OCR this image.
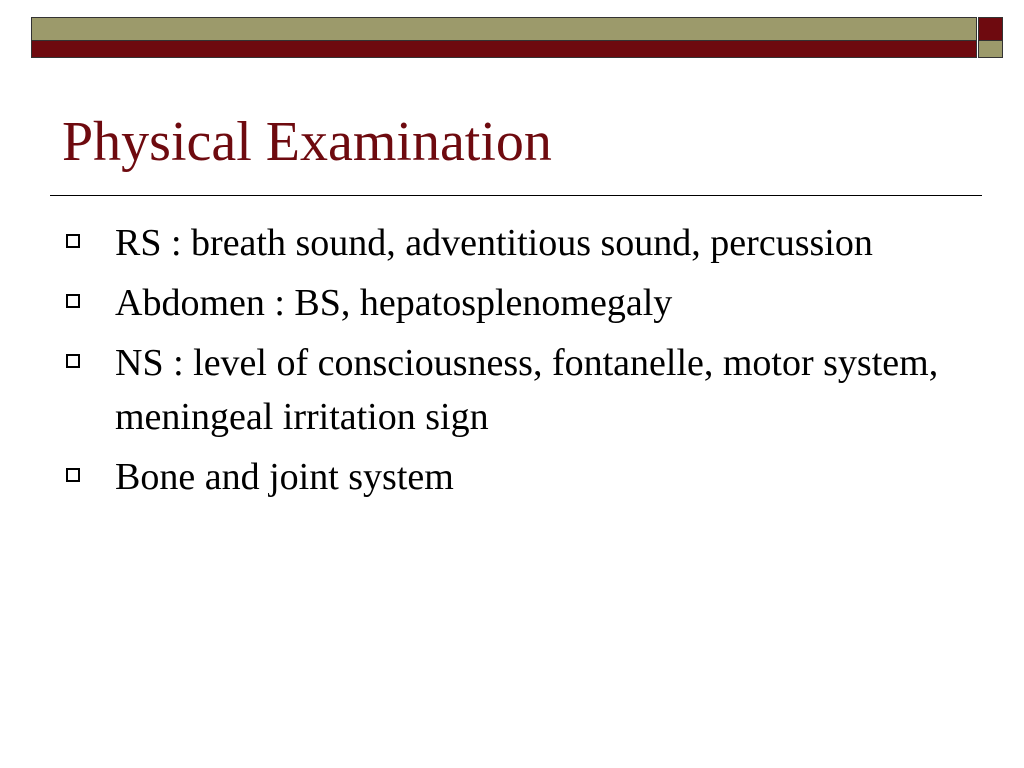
Physical Examination
RS : breath sound, adventitious sound, percussion
Abdomen : BS, hepatosplenomegaly
NS : level of consciousness, fontanelle, motor system, meningeal irritation sign
Bone and joint system
